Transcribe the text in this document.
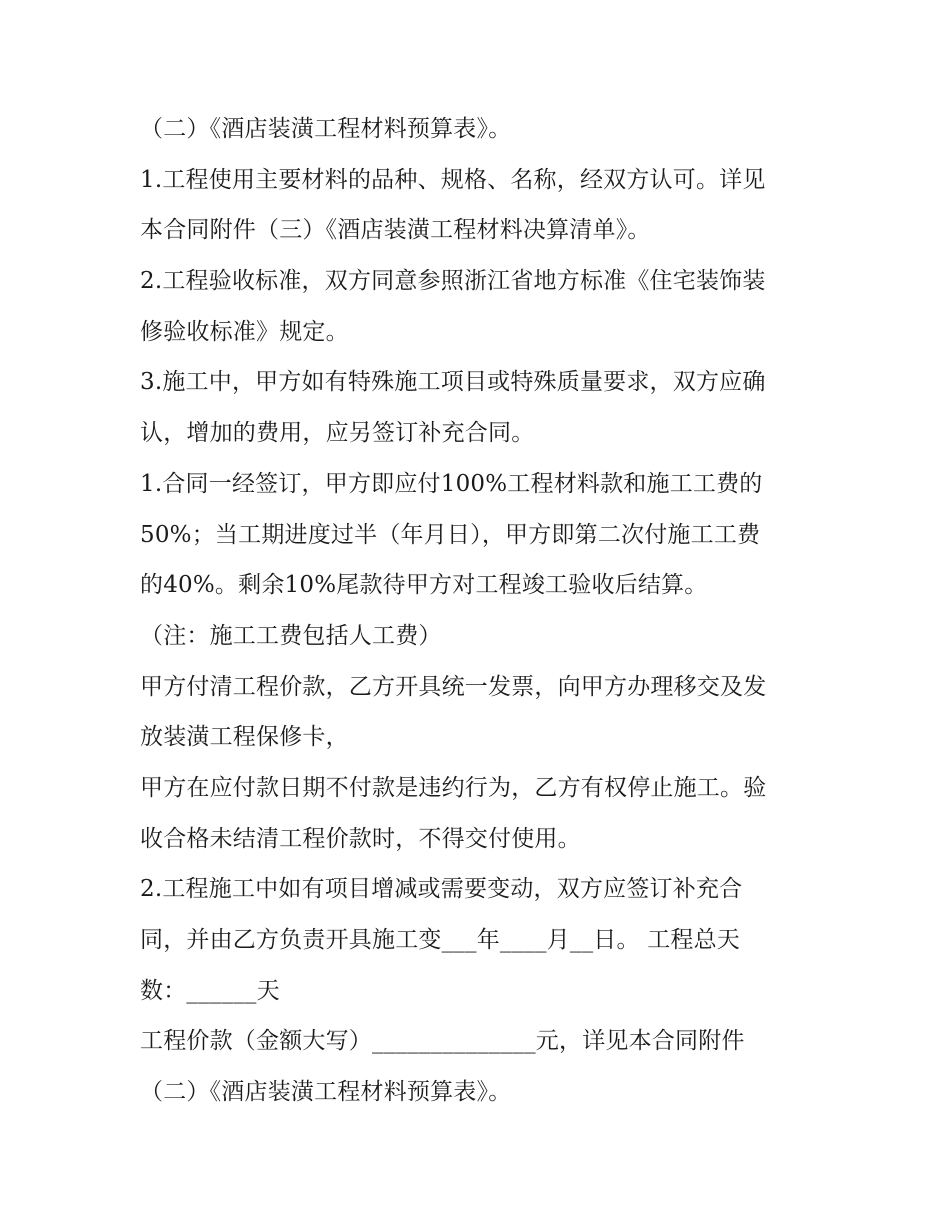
（二）《酒店装潢工程材料预算表》。
1.工程使用主要材料的品种、规格、名称，经双方认可。详见
本合同附件（三）《酒店装潢工程材料决算清单》。
2.工程验收标准，双方同意参照浙江省地方标准《住宅装饰装
修验收标准》规定。
3.施工中，甲方如有特殊施工项目或特殊质量要求，双方应确
认，增加的费用，应另签订补充合同。
1.合同一经签订，甲方即应付100%工程材料款和施工工费的
50%；当工期进度过半（年月日），甲方即第二次付施工工费
的40%。剩余10%尾款待甲方对工程竣工验收后结算。
（注：施工工费包括人工费）
甲方付清工程价款，乙方开具统一发票，向甲方办理移交及发
放装潢工程保修卡，
甲方在应付款日期不付款是违约行为，乙方有权停止施工。验
收合格未结清工程价款时，不得交付使用。
2.工程施工中如有项目增减或需要变动，双方应签订补充合
同，并由乙方负责开具施工变___年____月__日。 工程总天
数：______天
工程价款（金额大写）______________元，详见本合同附件
（二）《酒店装潢工程材料预算表》。
